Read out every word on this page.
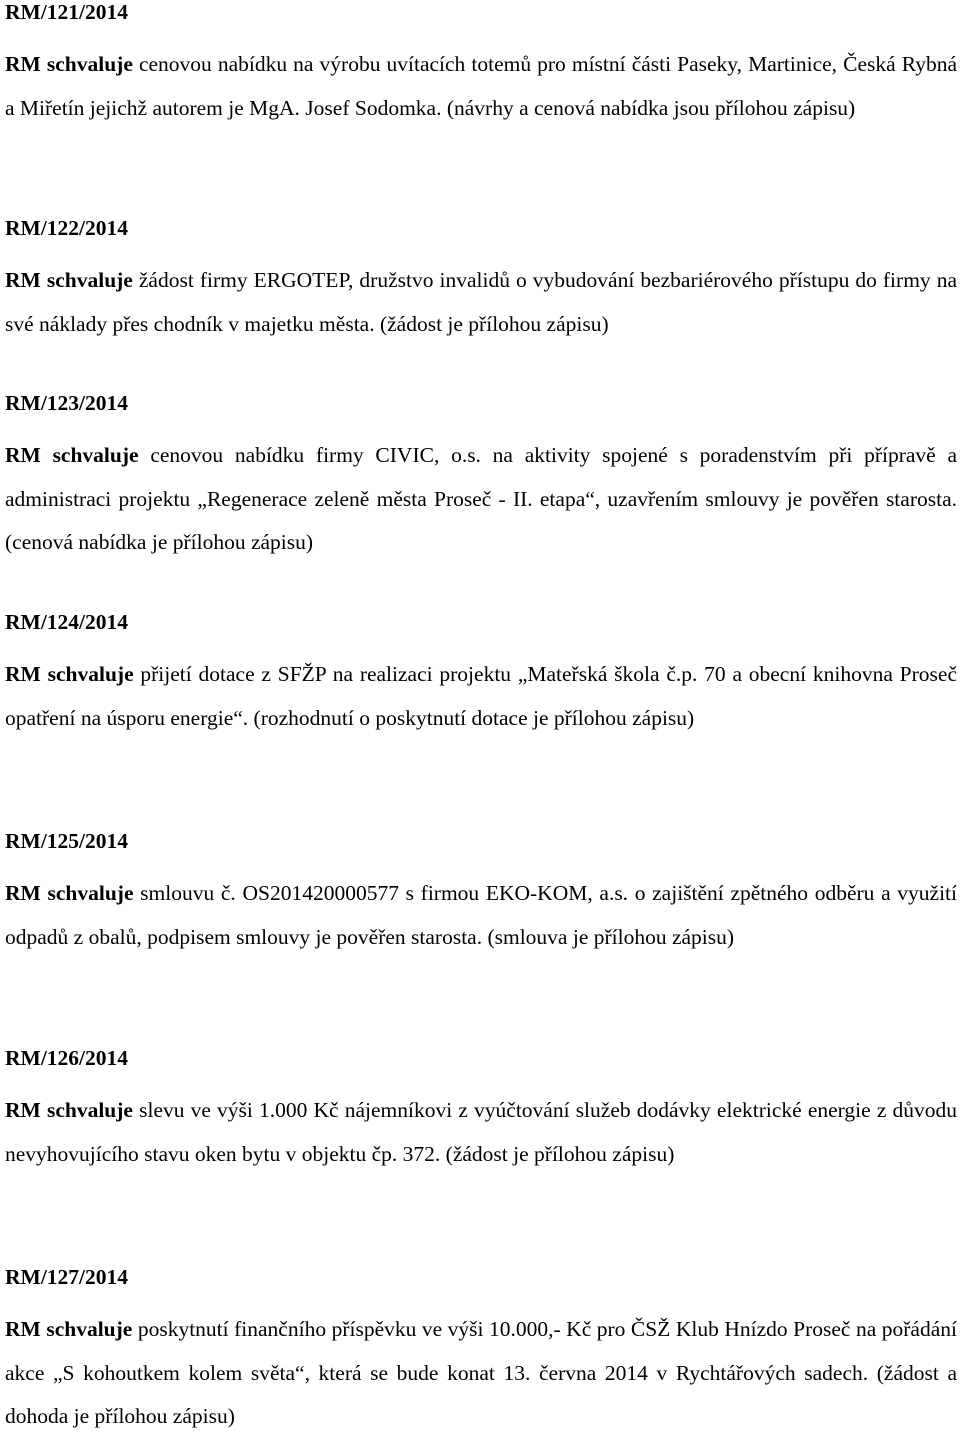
RM/121/2014

RM schvaluje cenovou nabídku na výrobu uvítacích totemů pro místní části Paseky, Martinice, Česká Rybná a Miřetín jejichž autorem je MgA. Josef Sodomka. (návrhy a cenová nabídka jsou přílohou zápisu)

RM/122/2014

RM schvaluje žádost firmy ERGOTEP, družstvo invalidů o vybudování bezbariérového přístupu do firmy na své náklady přes chodník v majetku města. (žádost je přílohou zápisu)

RM/123/2014

RM schvaluje cenovou nabídku firmy CIVIC, o.s. na aktivity spojené s poradenstvím při přípravě a administraci projektu „Regenerace zeleně města Proseč - II. etapa“, uzavřením smlouvy je pověřen starosta. (cenová nabídka je přílohou zápisu)

RM/124/2014

RM schvaluje přijetí dotace z SFŽP na realizaci projektu „Mateřská škola č.p. 70 a obecní knihovna Proseč opatření na úsporu energie“. (rozhodnutí o poskytnutí dotace je přílohou zápisu)

RM/125/2014

RM schvaluje smlouvu č. OS201420000577 s firmou EKO-KOM, a.s. o zajištění zpětného odběru a využití odpadů z obalů, podpisem smlouvy je pověřen starosta. (smlouva je přílohou zápisu)

RM/126/2014

RM schvaluje slevu ve výši 1.000 Kč nájemníkovi z vyúčtování služeb dodávky elektrické energie z důvodu nevyhovujícího stavu oken bytu v objektu čp. 372. (žádost je přílohou zápisu)

RM/127/2014

RM schvaluje poskytnutí finančního příspěvku ve výši 10.000,- Kč pro ČSŽ Klub Hnízdo Proseč na pořádání akce „S kohoutkem kolem světa“, která se bude konat 13. června 2014 v Rychtářových sadech. (žádost a dohoda je přílohou zápisu)
